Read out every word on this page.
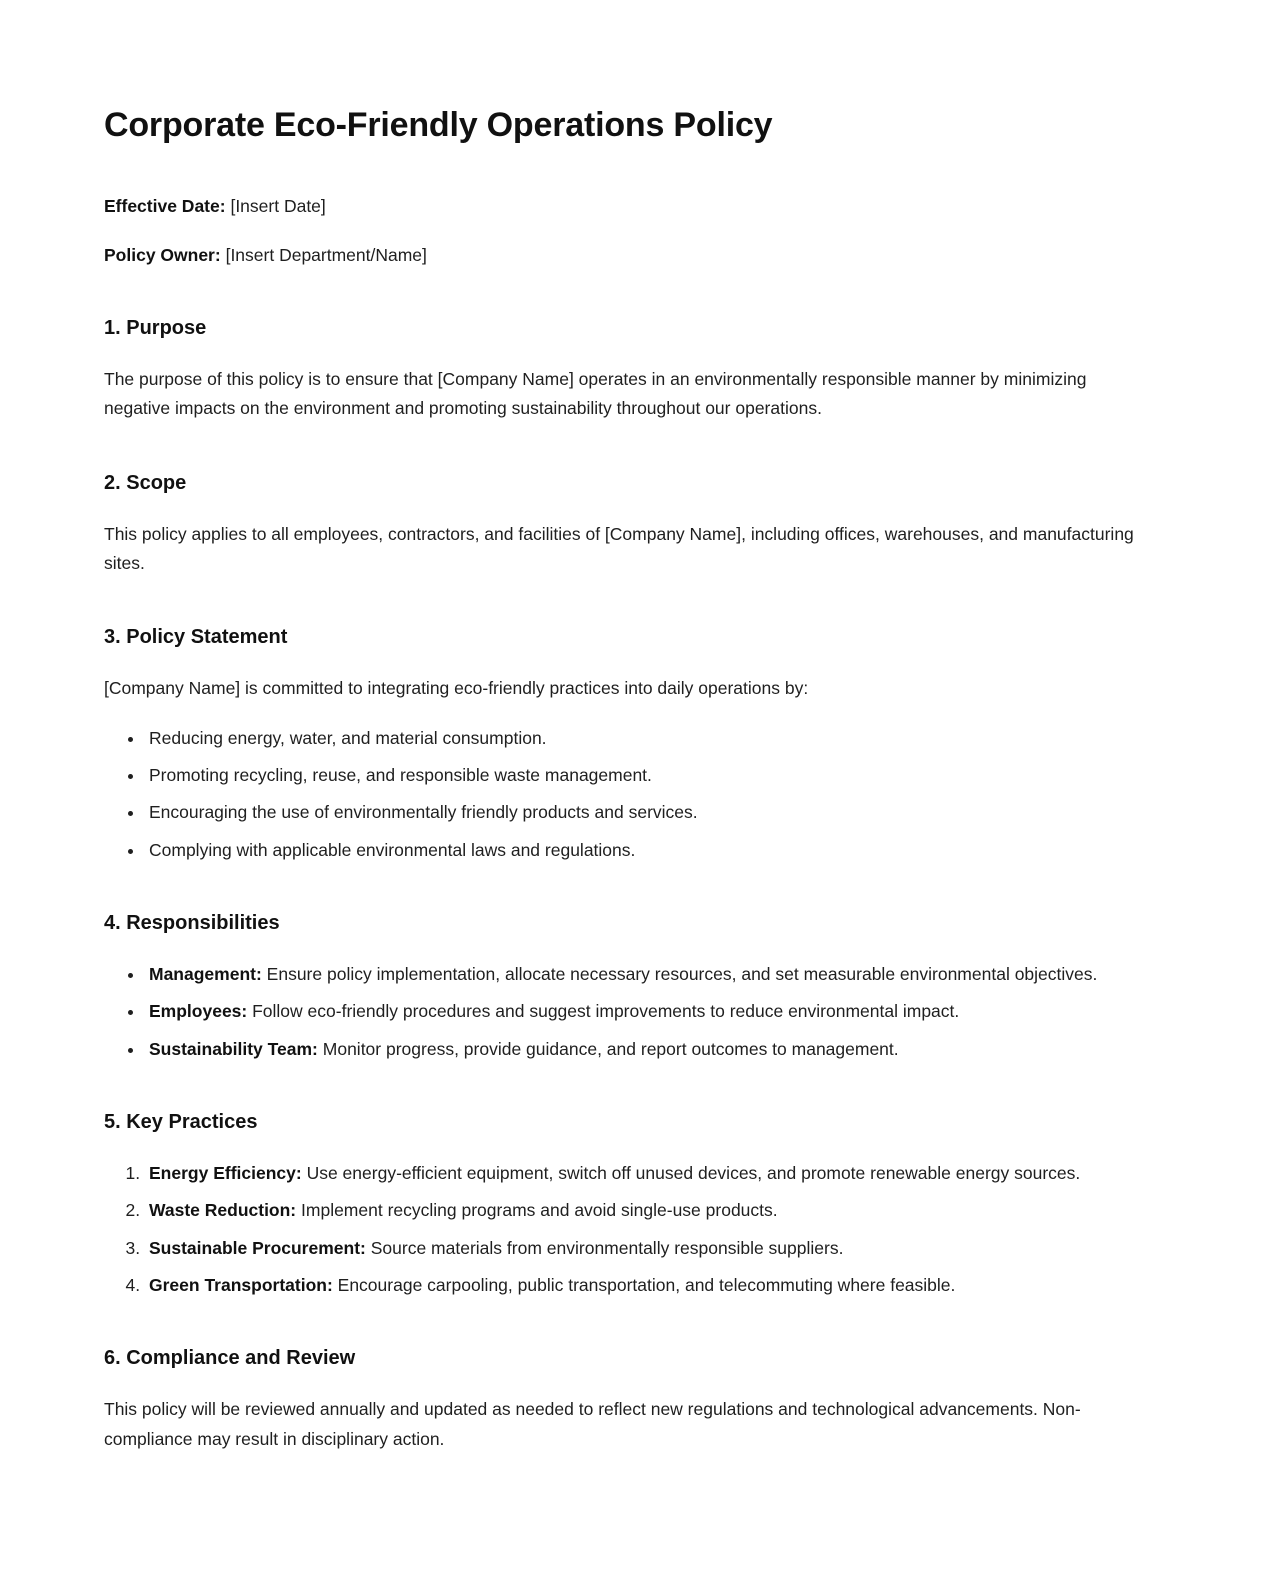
Corporate Eco-Friendly Operations Policy

Effective Date: [Insert Date]

Policy Owner: [Insert Department/Name]

1. Purpose

The purpose of this policy is to ensure that [Company Name] operates in an environmentally responsible manner by minimizing negative impacts on the environment and promoting sustainability throughout our operations.

2. Scope

This policy applies to all employees, contractors, and facilities of [Company Name], including offices, warehouses, and manufacturing sites.

3. Policy Statement

[Company Name] is committed to integrating eco-friendly practices into daily operations by:

• Reducing energy, water, and material consumption.
• Promoting recycling, reuse, and responsible waste management.
• Encouraging the use of environmentally friendly products and services.
• Complying with applicable environmental laws and regulations.
4. Responsibilities
• Management: Ensure policy implementation, allocate necessary resources, and set measurable environmental objectives.
• Employees: Follow eco-friendly procedures and suggest improvements to reduce environmental impact.
• Sustainability Team: Monitor progress, provide guidance, and report outcomes to management.
5. Key Practices
1. Energy Efficiency: Use energy-efficient equipment, switch off unused devices, and promote renewable energy sources.
2. Waste Reduction: Implement recycling programs and avoid single-use products.
3. Sustainable Procurement: Source materials from environmentally responsible suppliers.
4. Green Transportation: Encourage carpooling, public transportation, and telecommuting where feasible.
6. Compliance and Review

This policy will be reviewed annually and updated as needed to reflect new regulations and technological advancements. Non-compliance may result in disciplinary action.
